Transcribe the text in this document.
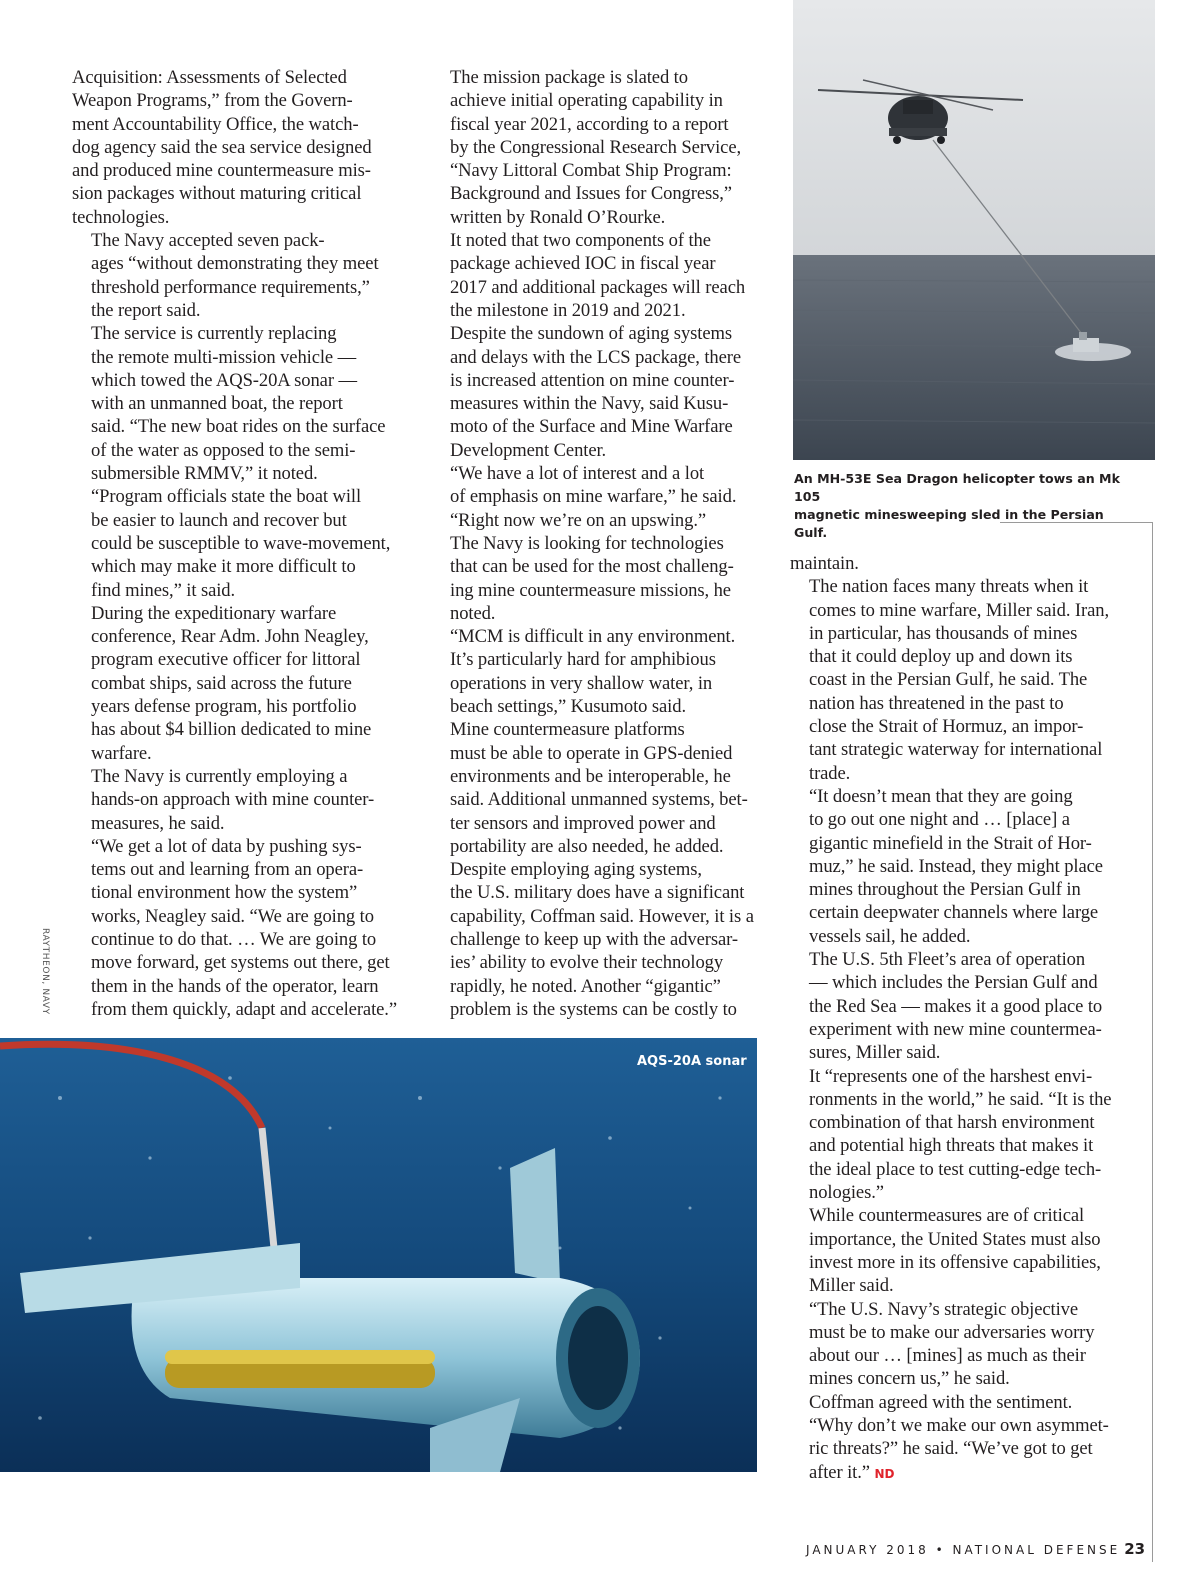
Acquisition: Assessments of Selected
Weapon Programs,” from the Govern-
ment Accountability Office, the watch-
dog agency said the sea service designed
and produced mine countermeasure mis-
sion packages without maturing critical
technologies.

The Navy accepted seven pack-
ages “without demonstrating they meet
threshold performance requirements,”
the report said.

The service is currently replacing
the remote multi-mission vehicle —
which towed the AQS-20A sonar —
with an unmanned boat, the report
said. “The new boat rides on the surface
of the water as opposed to the semi-
submersible RMMV,” it noted.

“Program officials state the boat will
be easier to launch and recover but
could be susceptible to wave-movement,
which may make it more difficult to
find mines,” it said.

During the expeditionary warfare
conference, Rear Adm. John Neagley,
program executive officer for littoral
combat ships, said across the future
years defense program, his portfolio
has about $4 billion dedicated to mine
warfare.

The Navy is currently employing a
hands-on approach with mine counter-
measures, he said.

“We get a lot of data by pushing sys-
tems out and learning from an opera-
tional environment how the system”
works, Neagley said. “We are going to
continue to do that. … We are going to
move forward, get systems out there, get
them in the hands of the operator, learn
from them quickly, adapt and accelerate.”

The mission package is slated to
achieve initial operating capability in
fiscal year 2021, according to a report
by the Congressional Research Service,
“Navy Littoral Combat Ship Program:
Background and Issues for Congress,”
written by Ronald O’Rourke.

It noted that two components of the
package achieved IOC in fiscal year
2017 and additional packages will reach
the milestone in 2019 and 2021.

Despite the sundown of aging systems
and delays with the LCS package, there
is increased attention on mine counter-
measures within the Navy, said Kusu-
moto of the Surface and Mine Warfare
Development Center.

“We have a lot of interest and a lot
of emphasis on mine warfare,” he said.
“Right now we’re on an upswing.”

The Navy is looking for technologies
that can be used for the most challeng-
ing mine countermeasure missions, he
noted.

“MCM is difficult in any environment.
It’s particularly hard for amphibious
operations in very shallow water, in
beach settings,” Kusumoto said.

Mine countermeasure platforms
must be able to operate in GPS-denied
environments and be interoperable, he
said. Additional unmanned systems, bet-
ter sensors and improved power and
portability are also needed, he added.

Despite employing aging systems,
the U.S. military does have a significant
capability, Coffman said. However, it is a
challenge to keep up with the adversar-
ies’ ability to evolve their technology
rapidly, he noted. Another “gigantic”
problem is the systems can be costly to

maintain.

The nation faces many threats when it
comes to mine warfare, Miller said. Iran,
in particular, has thousands of mines
that it could deploy up and down its
coast in the Persian Gulf, he said. The
nation has threatened in the past to
close the Strait of Hormuz, an impor-
tant strategic waterway for international
trade.

“It doesn’t mean that they are going
to go out one night and … [place] a
gigantic minefield in the Strait of Hor-
muz,” he said. Instead, they might place
mines throughout the Persian Gulf in
certain deepwater channels where large
vessels sail, he added.

The U.S. 5th Fleet’s area of operation
— which includes the Persian Gulf and
the Red Sea — makes it a good place to
experiment with new mine countermea-
sures, Miller said.

It “represents one of the harshest envi-
ronments in the world,” he said. “It is the
combination of that harsh environment
and potential high threats that makes it
the ideal place to test cutting-edge tech-
nologies.”

While countermeasures are of critical
importance, the United States must also
invest more in its offensive capabilities,
Miller said.

“The U.S. Navy’s strategic objective
must be to make our adversaries worry
about our … [mines] as much as their
mines concern us,” he said.

Coffman agreed with the sentiment.
“Why don’t we make our own asymmet-
ric threats?” he said. “We’ve got to get
after it.” ND

An MH-53E Sea Dragon helicopter tows an Mk 105
magnetic minesweeping sled in the Persian Gulf.
AQS-20A sonar
RAYTHEON, NAVY
JANUARY 2018 • NATIONAL DEFENSE 23
